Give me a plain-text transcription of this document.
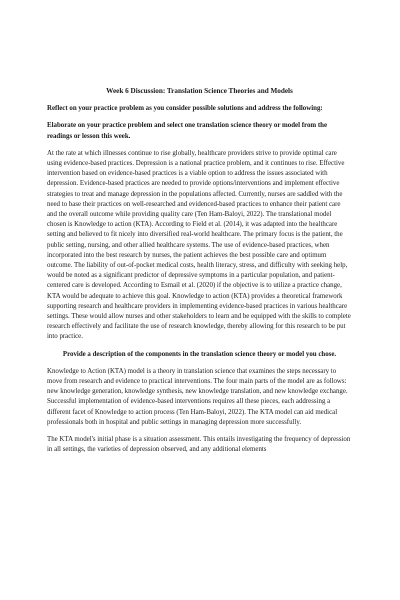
Week 6 Discussion: Translation Science Theories and Models
Reflect on your practice problem as you consider possible solutions and address the following:
Elaborate on your practice problem and select one translation science theory or model from the readings or lesson this week.

At the rate at which illnesses continue to rise globally, healthcare providers strive to provide optimal care using evidence-based practices. Depression is a national practice problem, and it continues to rise. Effective intervention based on evidence-based practices is a viable option to address the issues associated with depression. Evidence-based practices are needed to provide options/interventions and implement effective strategies to treat and manage depression in the populations affected. Currently, nurses are saddled with the need to base their practices on well-researched and evidenced-based practices to enhance their patient care and the overall outcome while providing quality care (Ten Ham-Baloyi, 2022). The translational model chosen is Knowledge to action (KTA). According to Field et al. (2014), it was adapted into the healthcare setting and believed to fit nicely into diversified real-world healthcare. The primary focus is the patient, the public setting, nursing, and other allied healthcare systems. The use of evidence-based practices, when incorporated into the best research by nurses, the patient achieves the best possible care and optimum outcome. The liability of out-of-pocket medical costs, health literacy, stress, and difficulty with seeking help, would be noted as a significant predictor of depressive symptoms in a particular population, and patient-centered care is developed. According to Esmail et al. (2020) if the objective is to utilize a practice change, KTA would be adequate to achieve this goal. Knowledge to action (KTA) provides a theoretical framework supporting research and healthcare providers in implementing evidence-based practices in various healthcare settings. These would allow nurses and other stakeholders to learn and be equipped with the skills to complete research effectively and facilitate the use of research knowledge, thereby allowing for this research to be put into practice.

Provide a description of the components in the translation science theory or model you chose.

Knowledge to Action (KTA) model is a theory in translation science that examines the steps necessary to move from research and evidence to practical interventions. The four main parts of the model are as follows: new knowledge generation, knowledge synthesis, new knowledge translation, and new knowledge exchange. Successful implementation of evidence-based interventions requires all these pieces, each addressing a different facet of Knowledge to action process (Ten Ham-Baloyi, 2022). The KTA model can aid medical professionals both in hospital and public settings in managing depression more successfully.

The KTA model's initial phase is a situation assessment. This entails investigating the frequency of depression in all settings, the varieties of depression observed, and any additional elements
